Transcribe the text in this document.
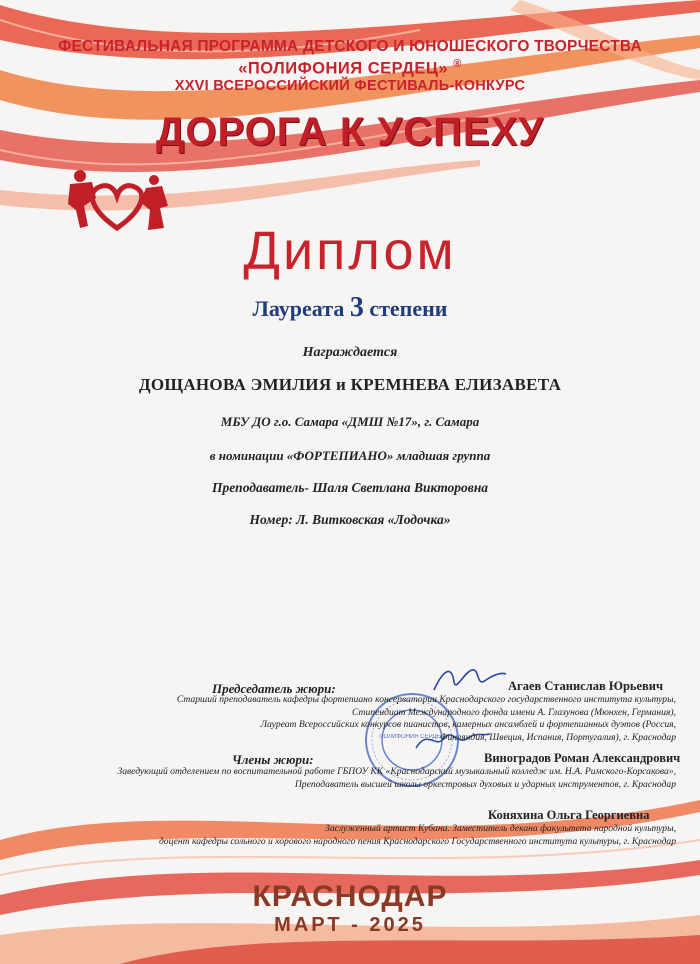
ФЕСТИВАЛЬНАЯ ПРОГРАММА ДЕТСКОГО И ЮНОШЕСКОГО ТВОРЧЕСТВА
«ПОЛИФОНИЯ СЕРДЕЦ» ®
XXVI ВСЕРОССИЙСКИЙ ФЕСТИВАЛЬ-КОНКУРС
ДОРОГА К УСПЕХУ
Диплом
Лауреата 3 степени
Награждается
ДОЩАНОВА ЭМИЛИЯ и КРЕМНЕВА ЕЛИЗАВЕТА
МБУ ДО г.о. Самара «ДМШ №17», г. Самара
в номинации «ФОРТЕПИАНО» младшая группа
Преподаватель- Шаля Светлана Викторовна
Номер: Л. Витковская «Лодочка»
ПОЛИФОНИЯ СЕРДЕЦ
Председатель жюри:	Агаев Станислав Юрьевич
Старший преподаватель кафедры фортепиано консерватории Краснодарского государственного института культуры,
Стипендиат Международного фонда имени А. Глазунова (Мюнхен, Германия),
Лауреат Всероссийских конкурсов пианистов, камерных ансамблей и фортепианных дуэтов (Россия,
Финляндия, Швеция, Испания, Португалия), г. Краснодар
Члены жюри:	Виноградов Роман Александрович
Заведующий отделением по воспитательной работе ГБПОУ КК «Краснодарский музыкальный колледж им. Н.А. Римского-Корсакова»,
Преподаватель высшей школы оркестровых духовых и ударных инструментов, г. Краснодар
Коняхина Ольга Георгиевна
Заслуженный артист Кубани. Заместитель декана факультета народной культуры,
доцент кафедры сольного и хорового народного пения Краснодарского Государственного института культуры, г. Краснодар
КРАСНОДАР
МАРТ - 2025
